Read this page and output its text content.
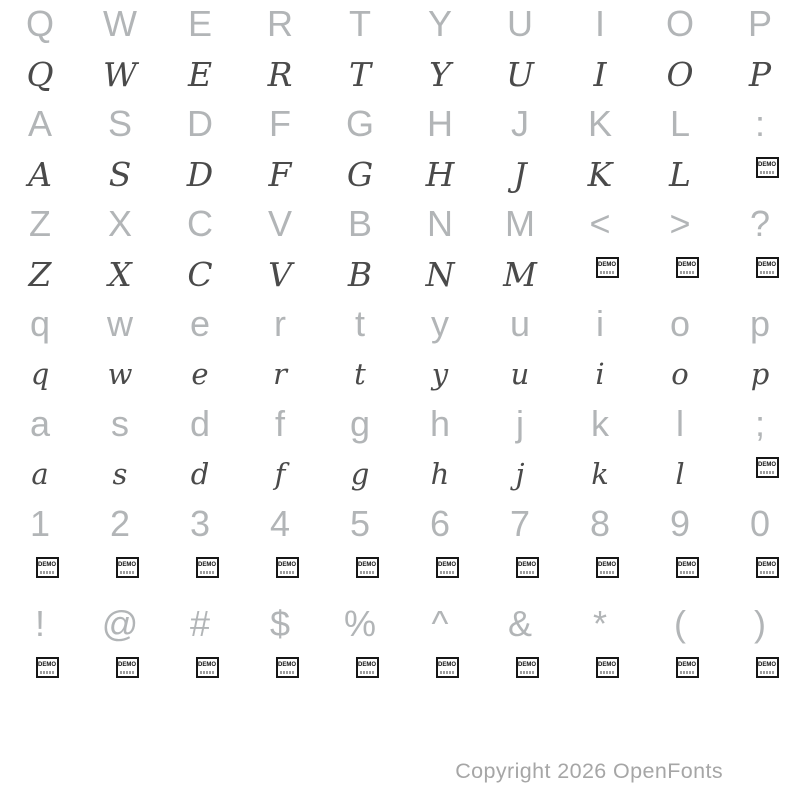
Q	W	E	R	T	Y	U	I	O	P
Q	W	E	R	T	Y	U	I	O	P
A	S	D	F	G	H	J	K	L	:
A	S	D	F	G	H	J	K	L	DEMO
Z	X	C	V	B	N	M	<	>	?
Z	X	C	V	B	N	M	DEMO	DEMO	DEMO
q	w	e	r	t	y	u	i	o	p
q	w	e	r	t	y	u	i	o	p
a	s	d	f	g	h	j	k	l	;
a	s	d	f	g	h	j	k	l	DEMO
1	2	3	4	5	6	7	8	9	0
DEMO	DEMO	DEMO	DEMO	DEMO	DEMO	DEMO	DEMO	DEMO	DEMO
!	@	#	$	%	^	&	*	(	)
DEMO	DEMO	DEMO	DEMO	DEMO	DEMO	DEMO	DEMO	DEMO	DEMO
Copyright 2026 OpenFonts
